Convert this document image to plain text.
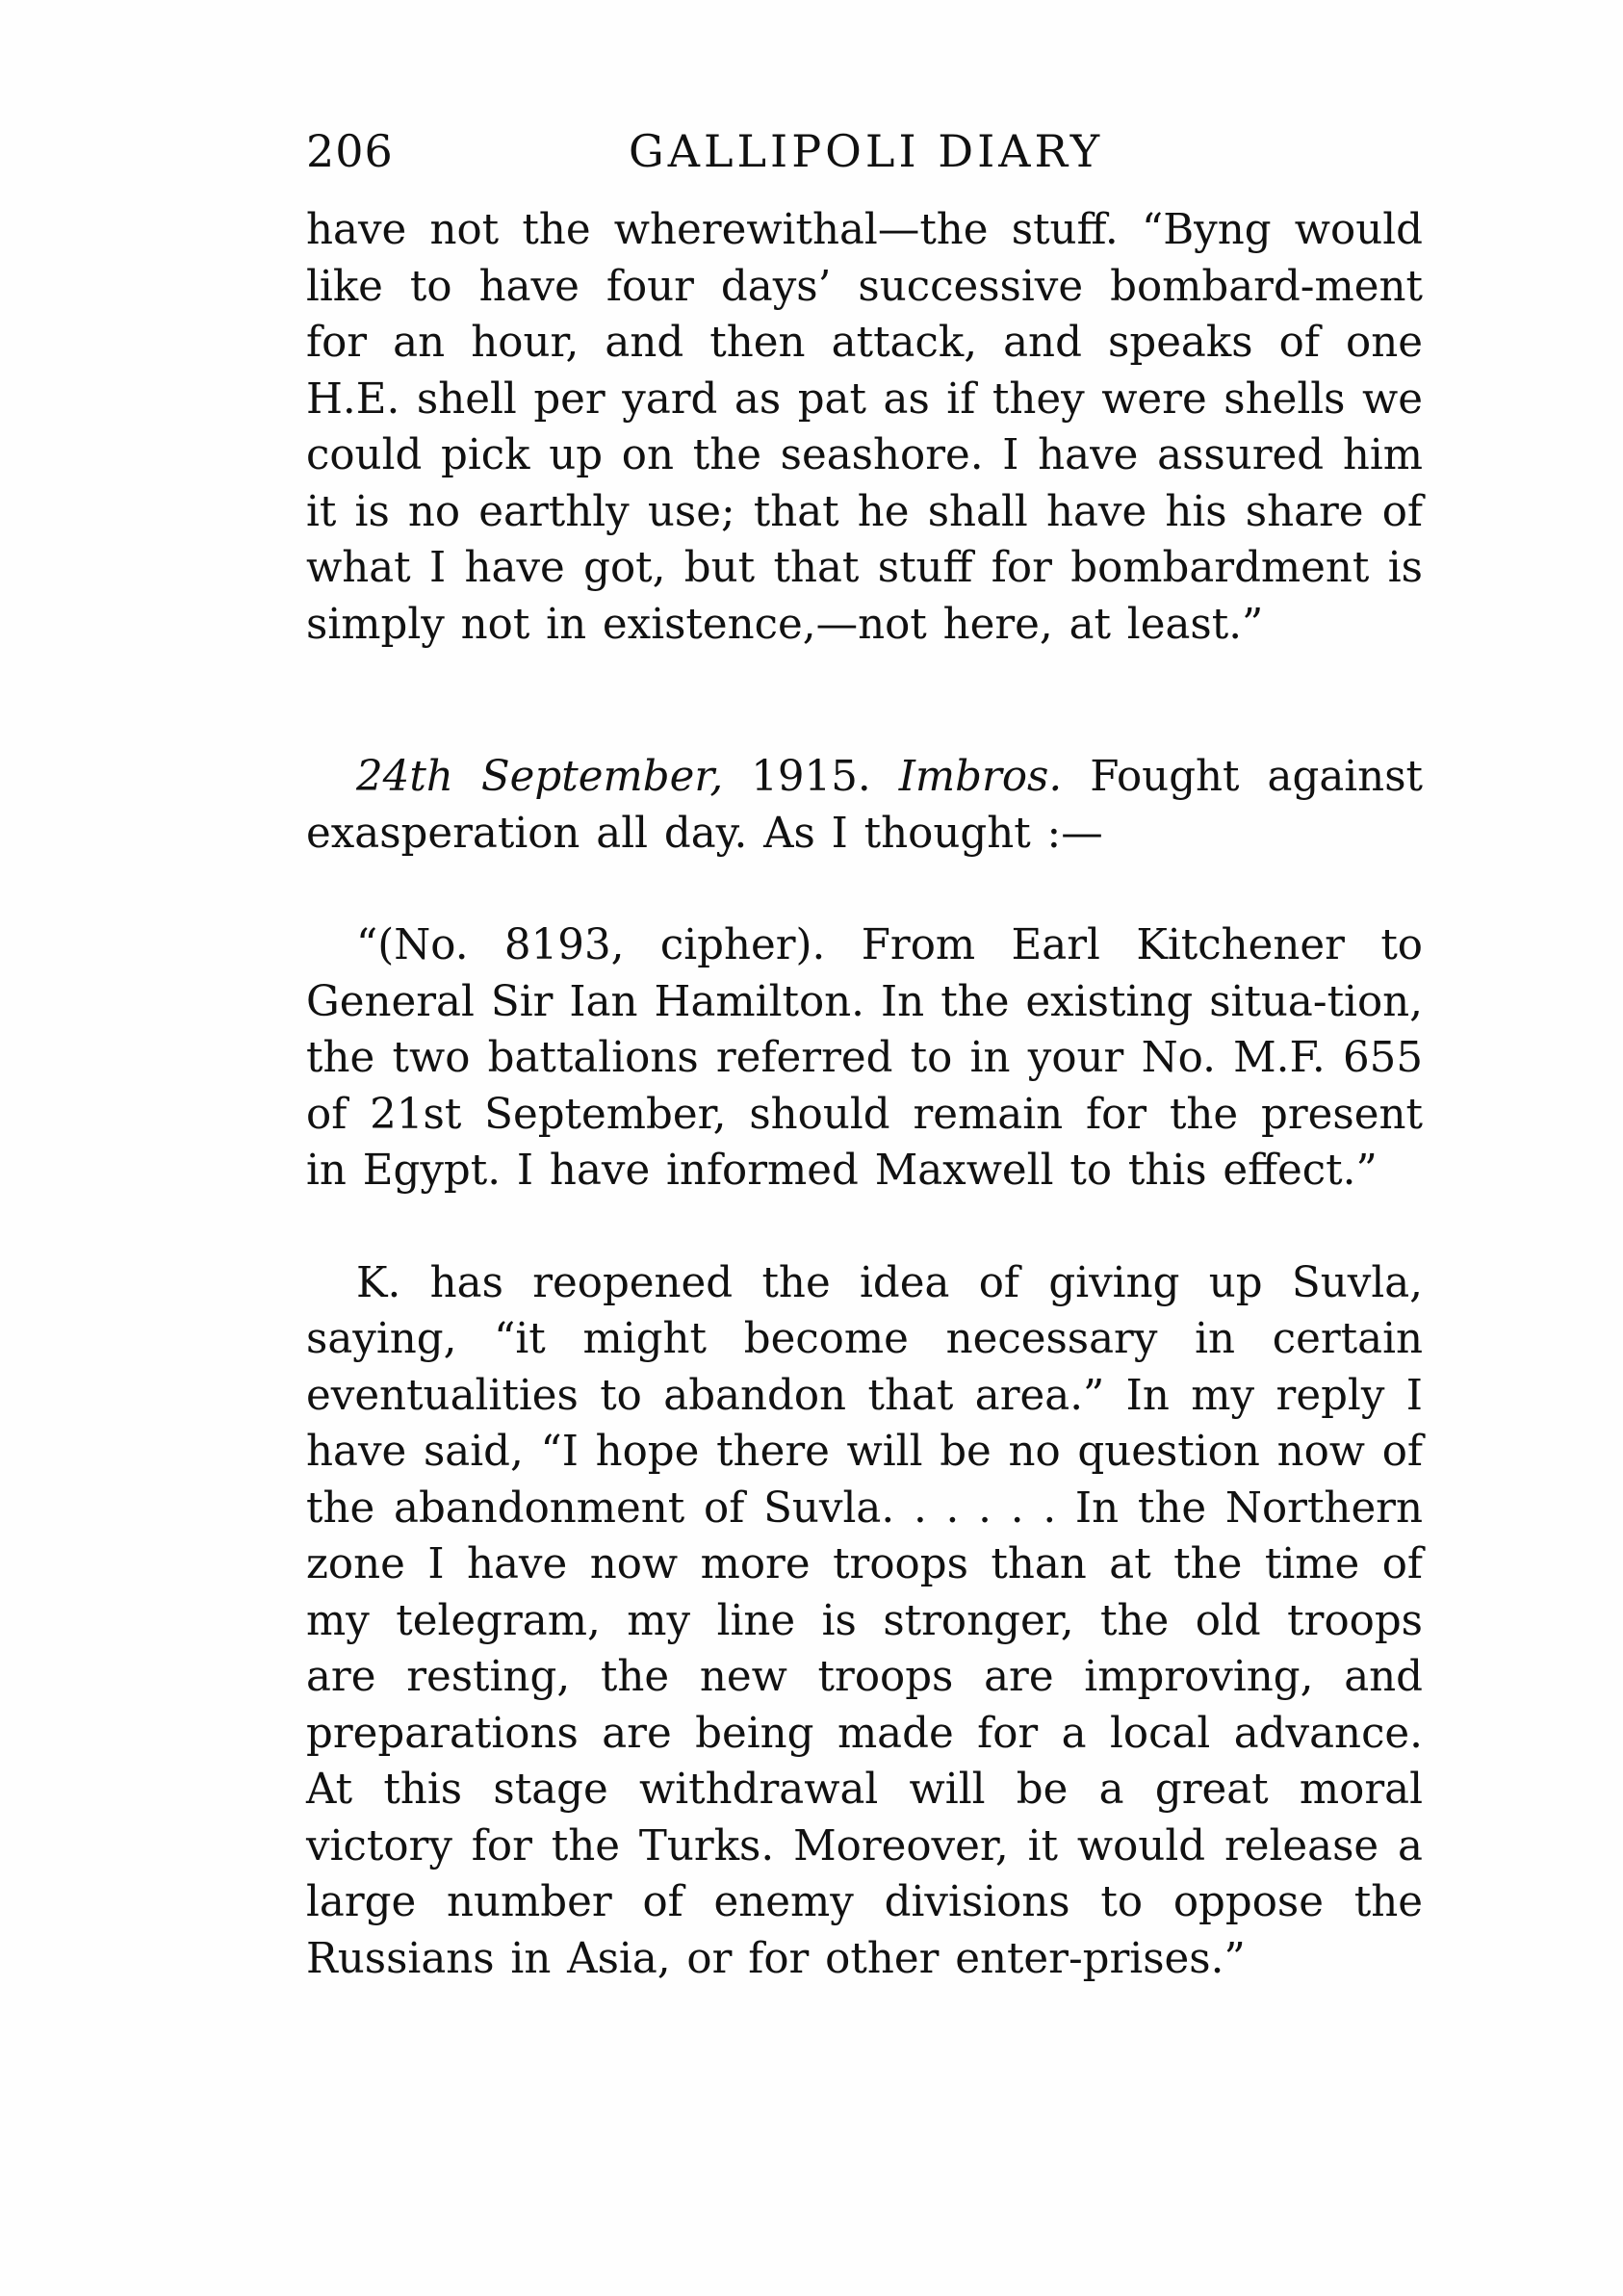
206	GALLIPOLI DIARY

have not the wherewithal—the stuff. “Byng would like to have four days’ successive bombard-ment for an hour, and then attack, and speaks of one H.E. shell per yard as pat as if they were shells we could pick up on the seashore. I have assured him it is no earthly use; that he shall have his share of what I have got, but that stuff for bombardment is simply not in existence,—not here, at least.”

24th September, 1915. Imbros. Fought against exasperation all day. As I thought :—

“(No. 8193, cipher). From Earl Kitchener to General Sir Ian Hamilton. In the existing situa-tion, the two battalions referred to in your No. M.F. 655 of 21st September, should remain for the present in Egypt. I have informed Maxwell to this effect.”

K. has reopened the idea of giving up Suvla, saying, “it might become necessary in certain eventualities to abandon that area.” In my reply I have said, “I hope there will be no question now of the abandonment of Suvla. . . . . . In the Northern zone I have now more troops than at the time of my telegram, my line is stronger, the old troops are resting, the new troops are improving, and preparations are being made for a local advance. At this stage withdrawal will be a great moral victory for the Turks. Moreover, it would release a large number of enemy divisions to oppose the Russians in Asia, or for other enter-prises.”
